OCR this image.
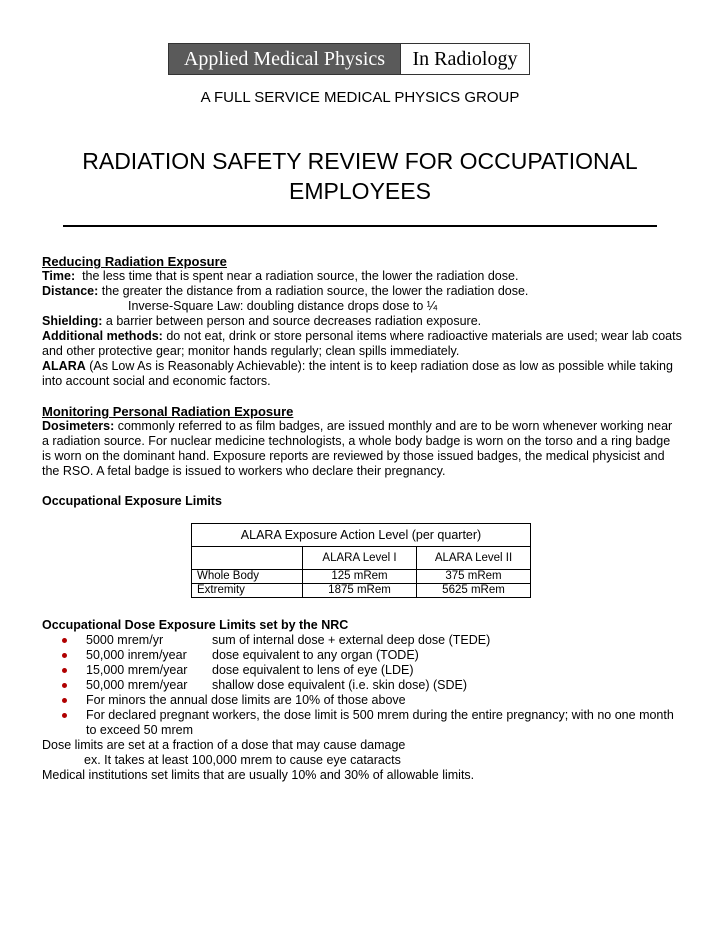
Applied Medical Physics	In Radiology
A FULL SERVICE MEDICAL PHYSICS GROUP
RADIATION SAFETY REVIEW FOR OCCUPATIONAL EMPLOYEES

Reducing Radiation Exposure

Time: the less time that is spent near a radiation source, the lower the radiation dose.

Distance: the greater the distance from a radiation source, the lower the radiation dose.

Inverse-Square Law: doubling distance drops dose to ¼

Shielding: a barrier between person and source decreases radiation exposure.

Additional methods: do not eat, drink or store personal items where radioactive materials are used; wear lab coats and other protective gear; monitor hands regularly; clean spills immediately.

ALARA (As Low As is Reasonably Achievable): the intent is to keep radiation dose as low as possible while taking into account social and economic factors.

Monitoring Personal Radiation Exposure

Dosimeters: commonly referred to as film badges, are issued monthly and are to be worn whenever working near a radiation source. For nuclear medicine technologists, a whole body badge is worn on the torso and a ring badge is worn on the dominant hand. Exposure reports are reviewed by those issued badges, the medical physicist and the RSO. A fetal badge is issued to workers who declare their pregnancy.

Occupational Exposure Limits

ALARA Exposure Action Level (per quarter)		
	ALARA Level I	ALARA Level II
Whole Body	125 mRem	375 mRem
Extremity	1875 mRem	5625 mRem

Occupational Dose Exposure Limits set by the NRC

5000 mrem/yr	sum of internal dose + external deep dose (TEDE)
50,000 inrem/year dose equivalent to any organ (TODE)
15,000 mrem/year dose equivalent to lens of eye (LDE)
50,000 mrem/year shallow dose equivalent (i.e. skin dose) (SDE)
For minors the annual dose limits are 10% of those above
For declared pregnant workers, the dose limit is 500 mrem during the entire pregnancy; with no one month to exceed 50 mrem

Dose limits are set at a fraction of a dose that may cause damage

ex. It takes at least 100,000 mrem to cause eye cataracts

Medical institutions set limits that are usually 10% and 30% of allowable limits.
